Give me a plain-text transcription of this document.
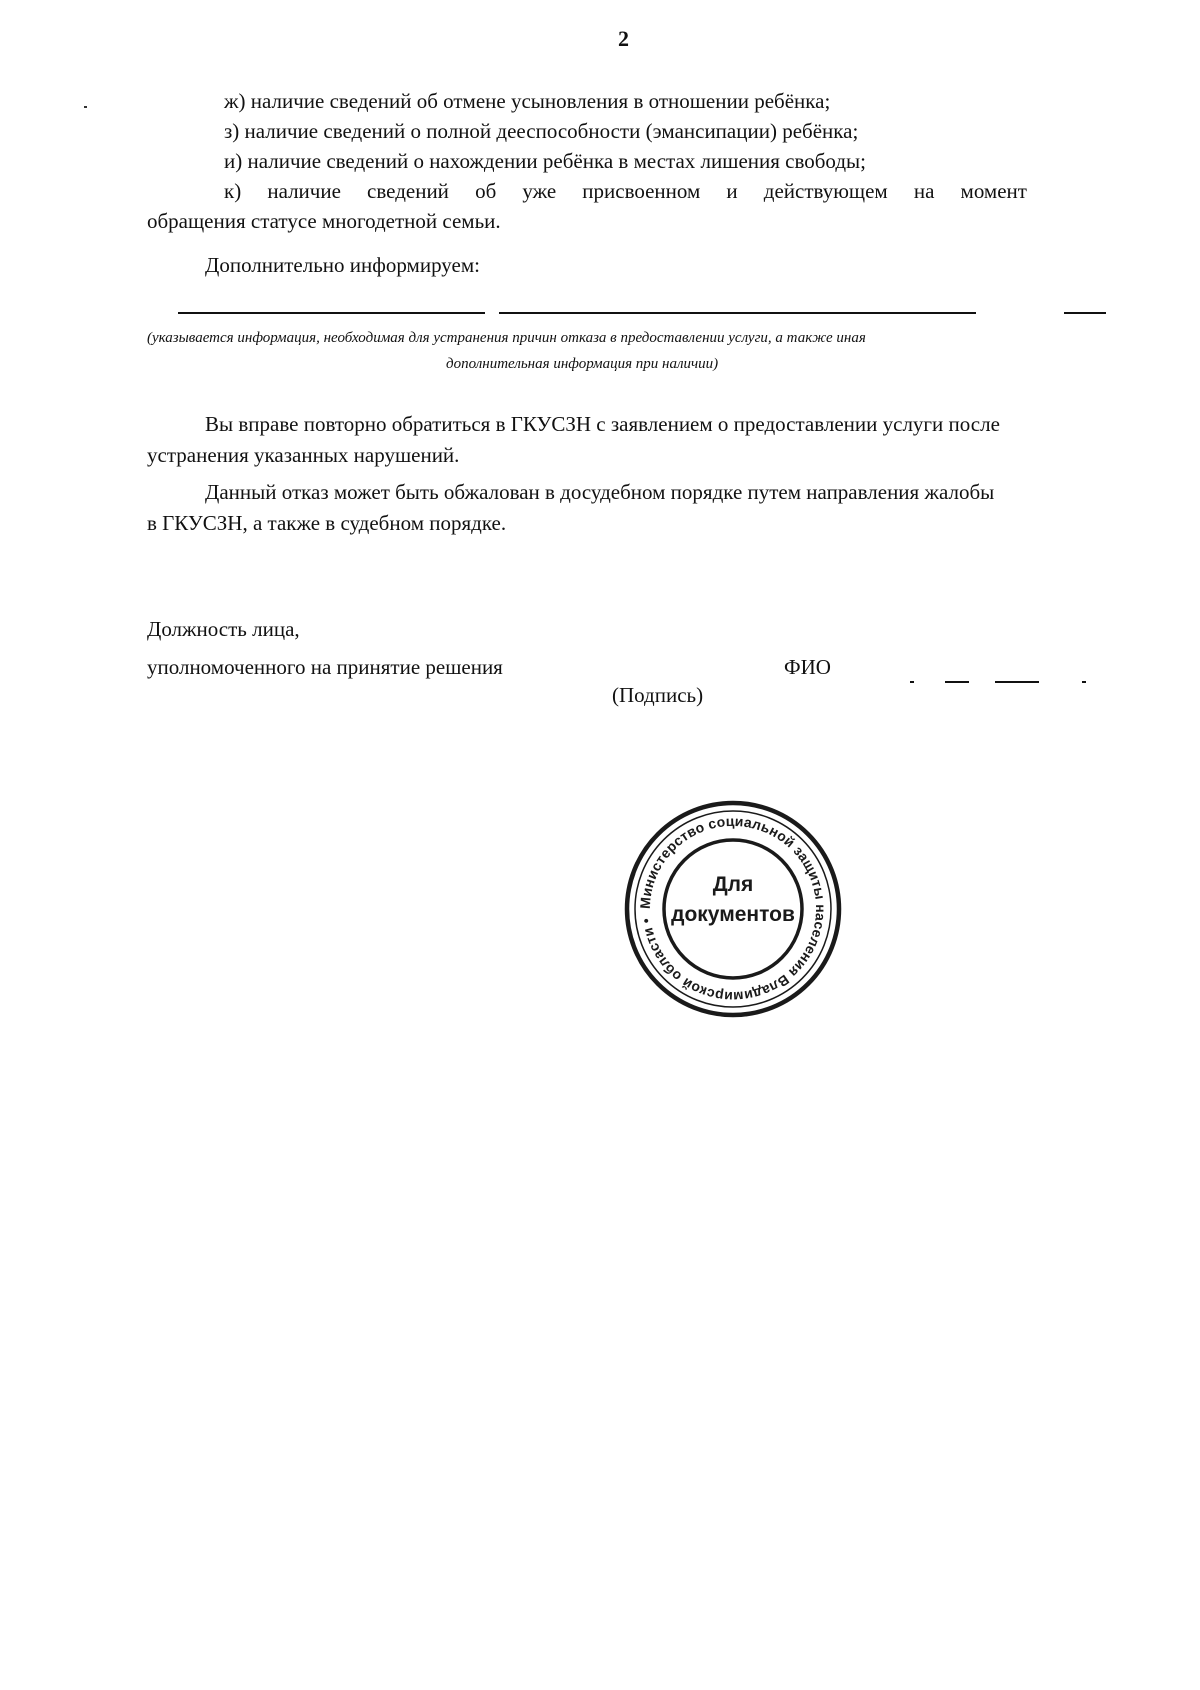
2
ж) наличие сведений об отмене усыновления в отношении ребёнка;
з) наличие сведений о полной дееспособности (эмансипации) ребёнка;
и) наличие сведений о нахождении ребёнка в местах лишения свободы;
к) наличие сведений об уже присвоенном и действующем на момент
обращения статусе многодетной семьи.
Дополнительно информируем:
(указывается информация, необходимая для устранения причин отказа в предоставлении услуги, а также иная
дополнительная информация при наличии)
Вы вправе повторно обратиться в ГКУСЗН с заявлением о предоставлении услуги после
устранения указанных нарушений.
Данный отказ может быть обжалован в досудебном порядке путем направления жалобы
в ГКУСЗН, а также в судебном порядке.
Должность лица,
уполномоченного на принятие решения	ФИО
(Подпись)
Министерство социальной защиты населения Владимирской области •
Для
документов
